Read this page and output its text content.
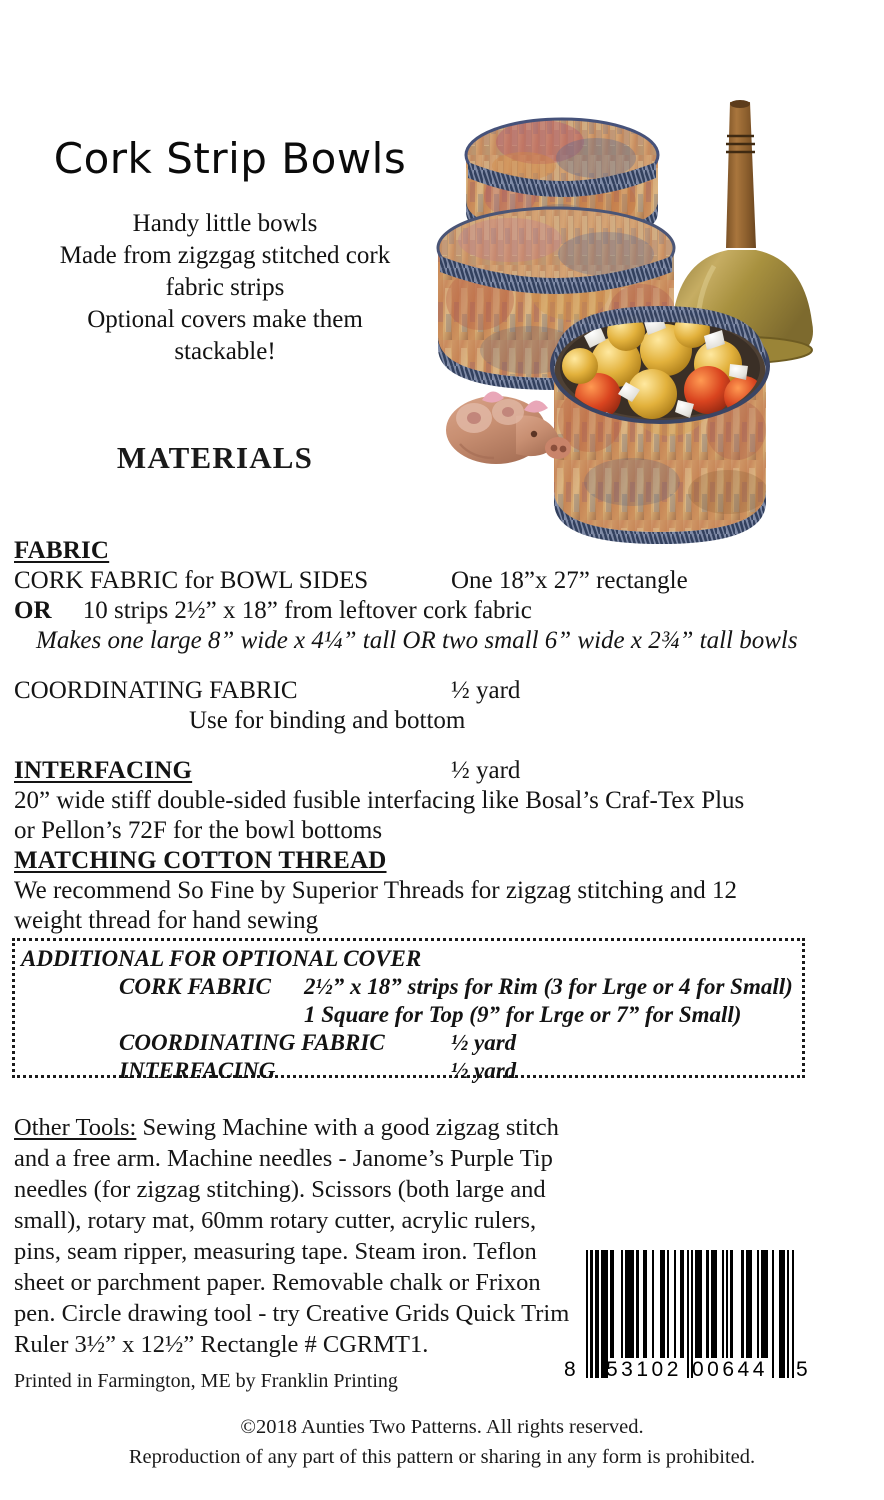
Cork Strip Bowls
Handy little bowls
Made from zigzgag stitched cork
fabric strips
Optional covers make them
stackable!
MATERIALS
FABRIC
CORK FABRIC for BOWL SIDES	One 18”x 27” rectangle
OR 10 strips 2½” x 18” from leftover cork fabric
Makes one large 8” wide x 4¼” tall OR two small 6” wide x 2¾” tall bowls
COORDINATING FABRIC	½ yard
Use for binding and bottom
INTERFACING	½ yard
20” wide stiff double-sided fusible interfacing like Bosal’s Craf-Tex Plus
or Pellon’s 72F for the bowl bottoms
MATCHING COTTON THREAD
We recommend So Fine by Superior Threads for zigzag stitching and 12
weight thread for hand sewing
ADDITIONAL FOR OPTIONAL COVER
CORK FABRIC 2½” x 18” strips for Rim (3 for Lrge or 4 for Small)
1 Square for Top (9” for Lrge or 7” for Small)

COORDINATING FABRIC	½ yard
INTERFACING	½ yard
Other Tools: Sewing Machine with a good zigzag stitch and a free arm. Machine needles - Janome’s Purple Tip needles (for zigzag stitching). Scissors (both large and small), rotary mat, 60mm rotary cutter, acrylic rulers, pins, seam ripper, measuring tape. Steam iron. Teflon sheet or parchment paper. Removable chalk or Frixon pen. Circle drawing tool - try Creative Grids Quick Trim Ruler 3½” x 12½” Rectangle # CGRMT1.
8 53102 00644 5
Printed in Farmington, ME by Franklin Printing
©2018 Aunties Two Patterns. All rights reserved.
Reproduction of any part of this pattern or sharing in any form is prohibited.
